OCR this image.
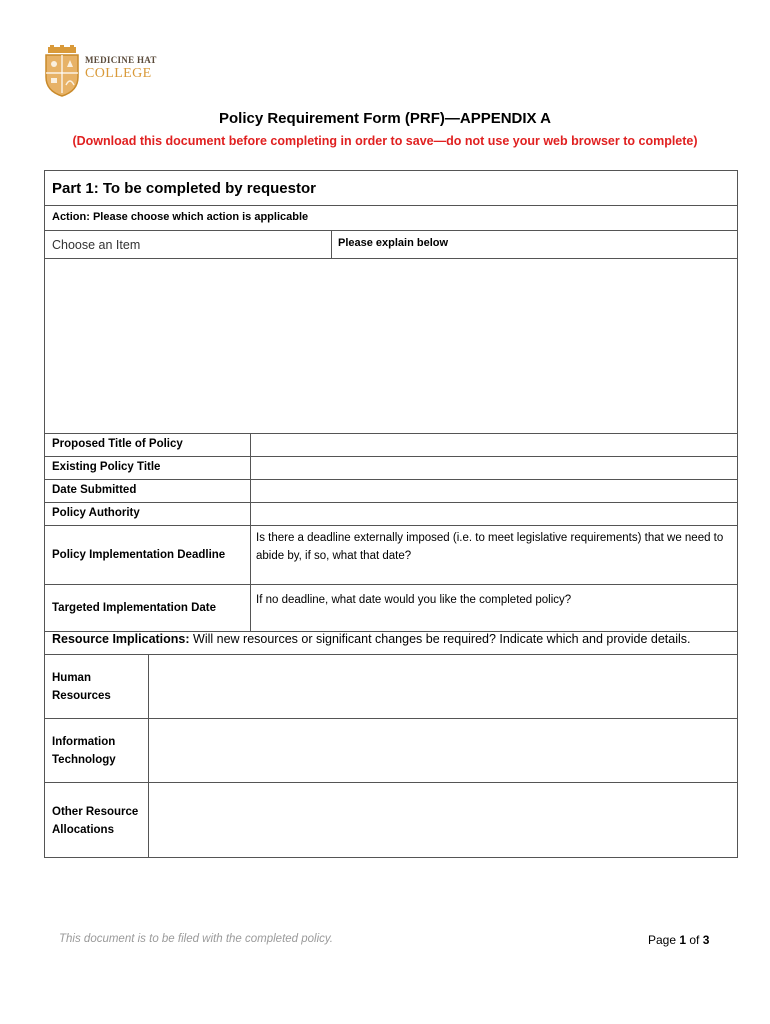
MEDICINE HAT
COLLEGE
Policy Requirement Form (PRF)—APPENDIX A
(Download this document before completing in order to save—do not use your web browser to complete)
Part 1: To be completed by requestor
Action: Please choose which action is applicable
Choose an Item	Please explain below
Proposed Title of Policy
Existing Policy Title
Date Submitted
Policy Authority
Policy Implementation Deadline
Is there a deadline externally imposed (i.e. to meet legislative requirements) that we need to abide by, if so, what that date?
Targeted Implementation Date
If no deadline, what date would you like the completed policy?
Resource Implications: Will new resources or significant changes be required? Indicate which and provide details.
Human Resources
Information Technology
Other Resource Allocations
This document is to be filed with the completed policy.	Page 1 of 3
